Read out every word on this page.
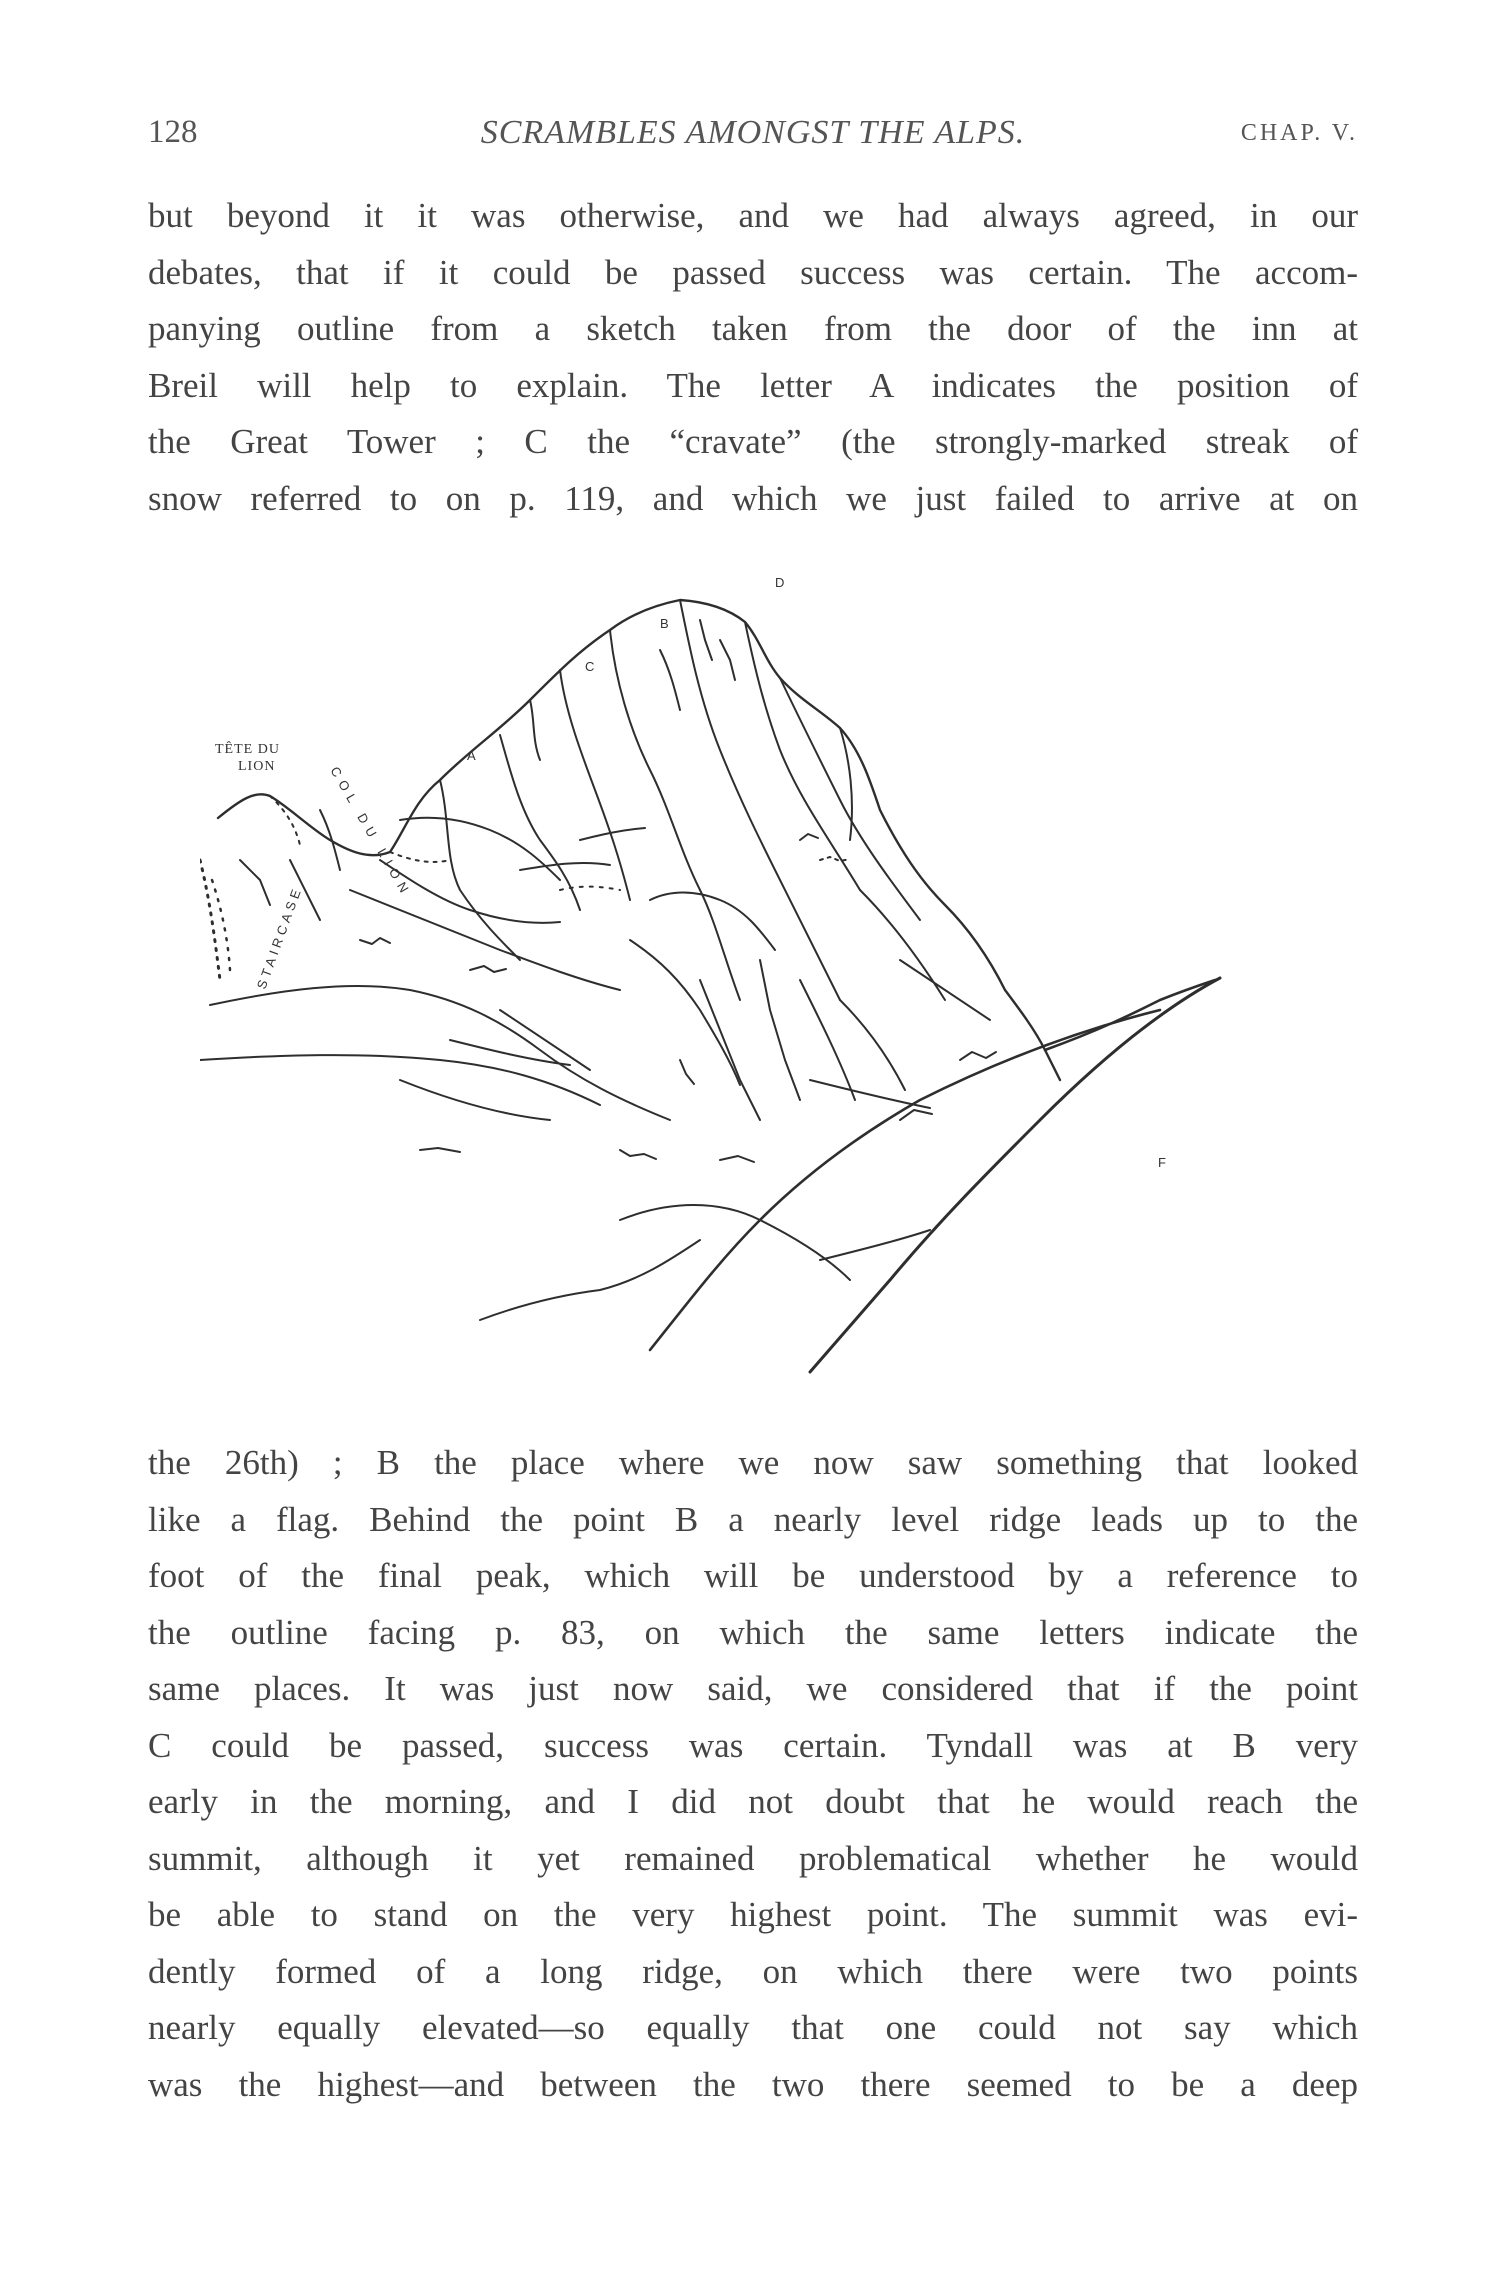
128	SCRAMBLES AMONGST THE ALPS.	CHAP. V.

but beyond it it was otherwise, and we had always agreed, in our
debates, that if it could be passed success was certain. The accom-
panying outline from a sketch taken from the door of the inn at
Breil will help to explain. The letter A indicates the position of
the Great Tower ; C the “cravate” (the strongly-marked streak of
snow referred to on p. 119, and which we just failed to arrive at on

TÊTE DU
LION	COL DU LION
STAIRCASE
A
B
C
D
F

the 26th) ; B the place where we now saw something that looked
like a flag. Behind the point B a nearly level ridge leads up to the
foot of the final peak, which will be understood by a reference to
the outline facing p. 83, on which the same letters indicate the
same places. It was just now said, we considered that if the point
C could be passed, success was certain. Tyndall was at B very
early in the morning, and I did not doubt that he would reach the
summit, although it yet remained problematical whether he would
be able to stand on the very highest point. The summit was evi-
dently formed of a long ridge, on which there were two points
nearly equally elevated—so equally that one could not say which
was the highest—and between the two there seemed to be a deep
